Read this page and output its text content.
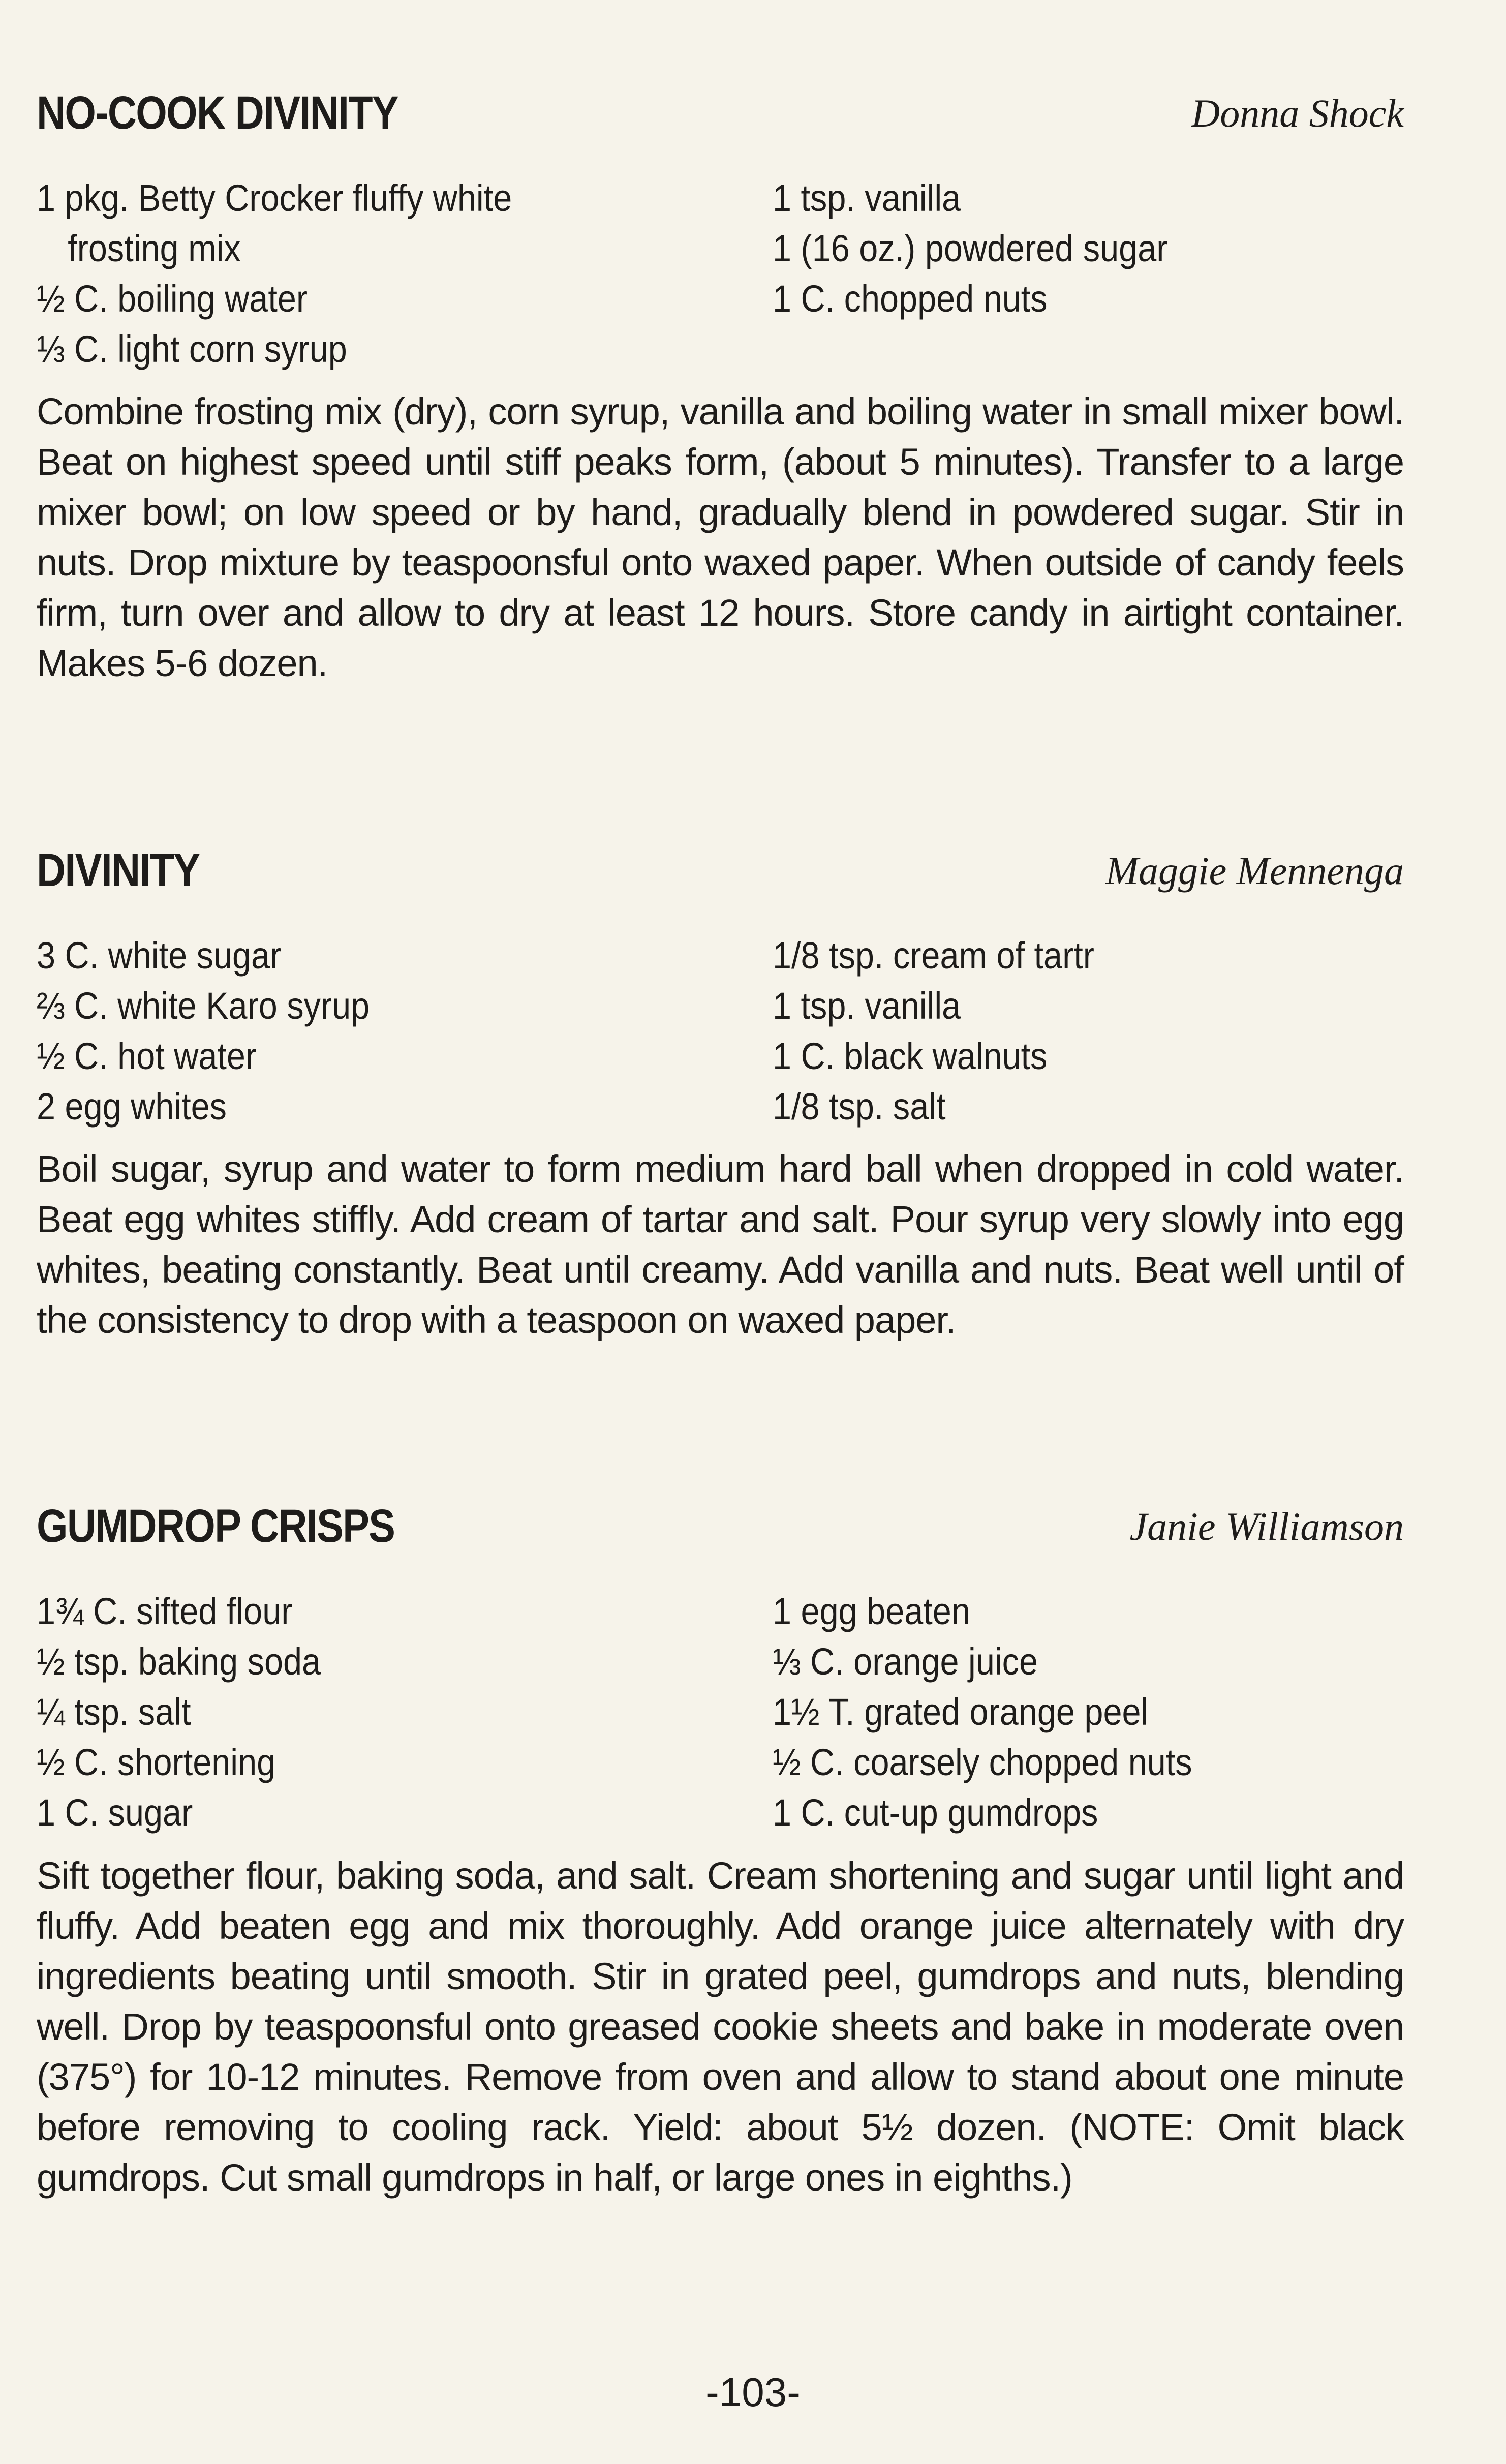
NO-COOK DIVINITY	Donna Shock
1 pkg. Betty Crocker fluffy white
frosting mix
½ C. boiling water
⅓ C. light corn syrup
1 tsp. vanilla
1 (16 oz.) powdered sugar
1 C. chopped nuts

Combine frosting mix (dry), corn syrup, vanilla and boiling water in small mixer bowl. Beat on highest speed until stiff peaks form, (about 5 minutes). Transfer to a large mixer bowl; on low speed or by hand, gradually blend in powdered sugar. Stir in nuts. Drop mixture by teaspoonsful onto waxed paper. When outside of candy feels firm, turn over and allow to dry at least 12 hours. Store candy in airtight container. Makes 5-6 dozen.

DIVINITY	Maggie Mennenga
3 C. white sugar
⅔ C. white Karo syrup
½ C. hot water
2 egg whites
1/8 tsp. cream of tartr
1 tsp. vanilla
1 C. black walnuts
1/8 tsp. salt

Boil sugar, syrup and water to form medium hard ball when dropped in cold water. Beat egg whites stiffly. Add cream of tartar and salt. Pour syrup very slowly into egg whites, beating constantly. Beat until creamy. Add vanilla and nuts. Beat well until of the consistency to drop with a teaspoon on waxed paper.

GUMDROP CRISPS	Janie Williamson
1¾ C. sifted flour
½ tsp. baking soda
¼ tsp. salt
½ C. shortening
1 C. sugar
1 egg beaten
⅓ C. orange juice
1½ T. grated orange peel
½ C. coarsely chopped nuts
1 C. cut-up gumdrops

Sift together flour, baking soda, and salt. Cream shortening and sugar until light and fluffy. Add beaten egg and mix thoroughly. Add orange juice alternately with dry ingredients beating until smooth. Stir in grated peel, gumdrops and nuts, blending well. Drop by teaspoonsful onto greased cookie sheets and bake in moderate oven (375°) for 10-12 minutes. Remove from oven and allow to stand about one minute before removing to cooling rack. Yield: about 5½ dozen. (NOTE: Omit black gumdrops. Cut small gumdrops in half, or large ones in eighths.)

-103-
